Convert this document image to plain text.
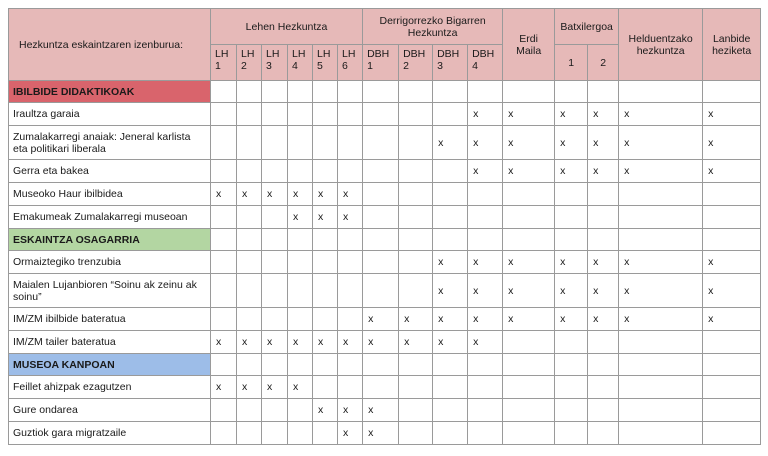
Hezkuntza eskaintzaren izenburua:	Lehen Hezkuntza						Derrigorrezko Bigarren Hezkuntza				Erdi Maila	Batxilergoa		Helduentzako hezkuntza	Lanbide heziketa
	LH 1	LH 2	LH 3	LH 4	LH 5	LH 6	DBH 1	DBH 2	DBH 3	DBH 4		1	2		
IBILBIDE DIDAKTIKOAK															
Iraultza garaia										x	x	x	x	x	x
Zumalakarregi anaiak: Jeneral karlista eta politikari liberala									x	x	x	x	x	x	x
Gerra eta bakea										x	x	x	x	x	x
Museoko Haur ibilbidea	x	x	x	x	x	x									
Emakumeak Zumalakarregi museoan				x	x	x									
ESKAINTZA OSAGARRIA															
Ormaiztegiko trenzubia									x	x	x	x	x	x	x
Maialen Lujanbioren “Soinu ak zeinu ak soinu”									x	x	x	x	x	x	x
IM/ZM ibilbide bateratua							x	x	x	x	x	x	x	x	x
IM/ZM tailer bateratua	x	x	x	x	x	x	x	x	x	x					
MUSEOA KANPOAN															
Feillet ahizpak ezagutzen	x	x	x	x											
Gure ondarea					x	x	x								
Guztiok gara migratzaile						x	x								
